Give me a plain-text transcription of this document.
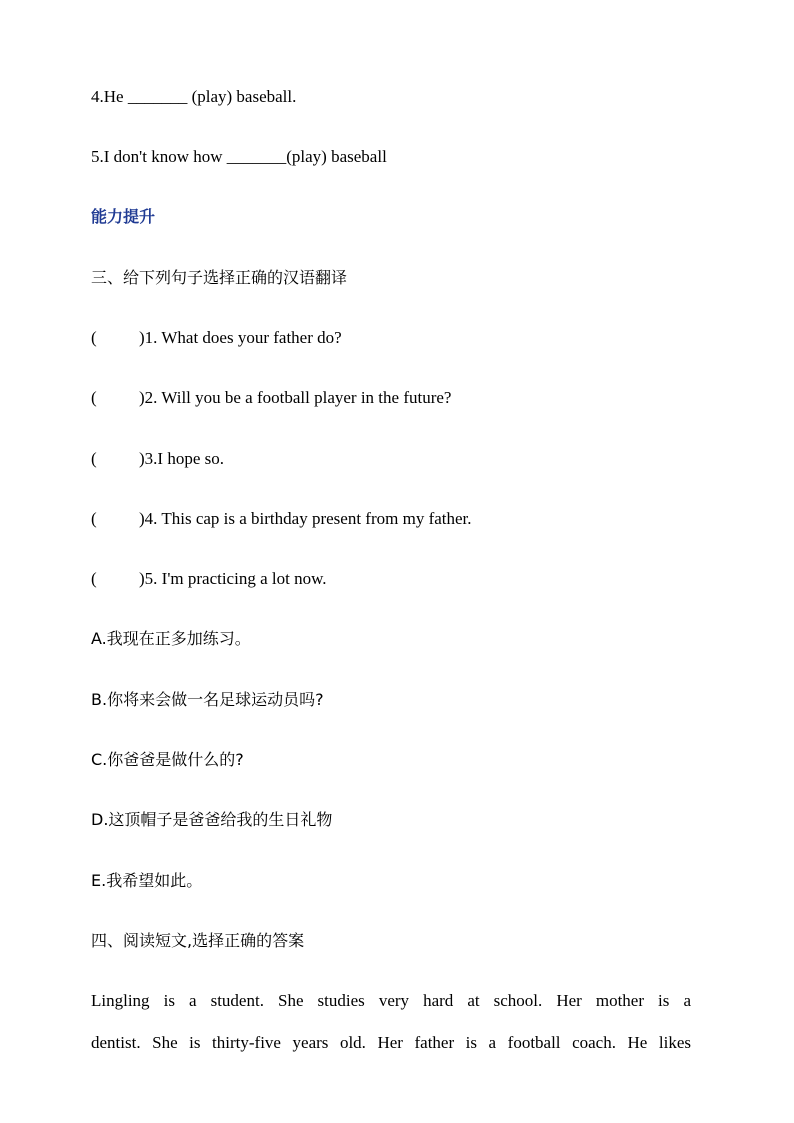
4.He _______ (play) baseball.
5.I don't know how _______(play) baseball
能力提升
三、给下列句子选择正确的汉语翻译
( )1. What does your father do?
( )2. Will you be a football player in the future?
( )3.I hope so.
( )4. This cap is a birthday present from my father.
( )5. I'm practicing a lot now.
A.我现在正多加练习。
B.你将来会做一名足球运动员吗?
C.你爸爸是做什么的?
D.这顶帽子是爸爸给我的生日礼物
E.我希望如此。
四、阅读短文,选择正确的答案
Lingling is a student. She studies very hard at school. Her mother is a
dentist. She is thirty-five years old. Her father is a football coach. He likes
